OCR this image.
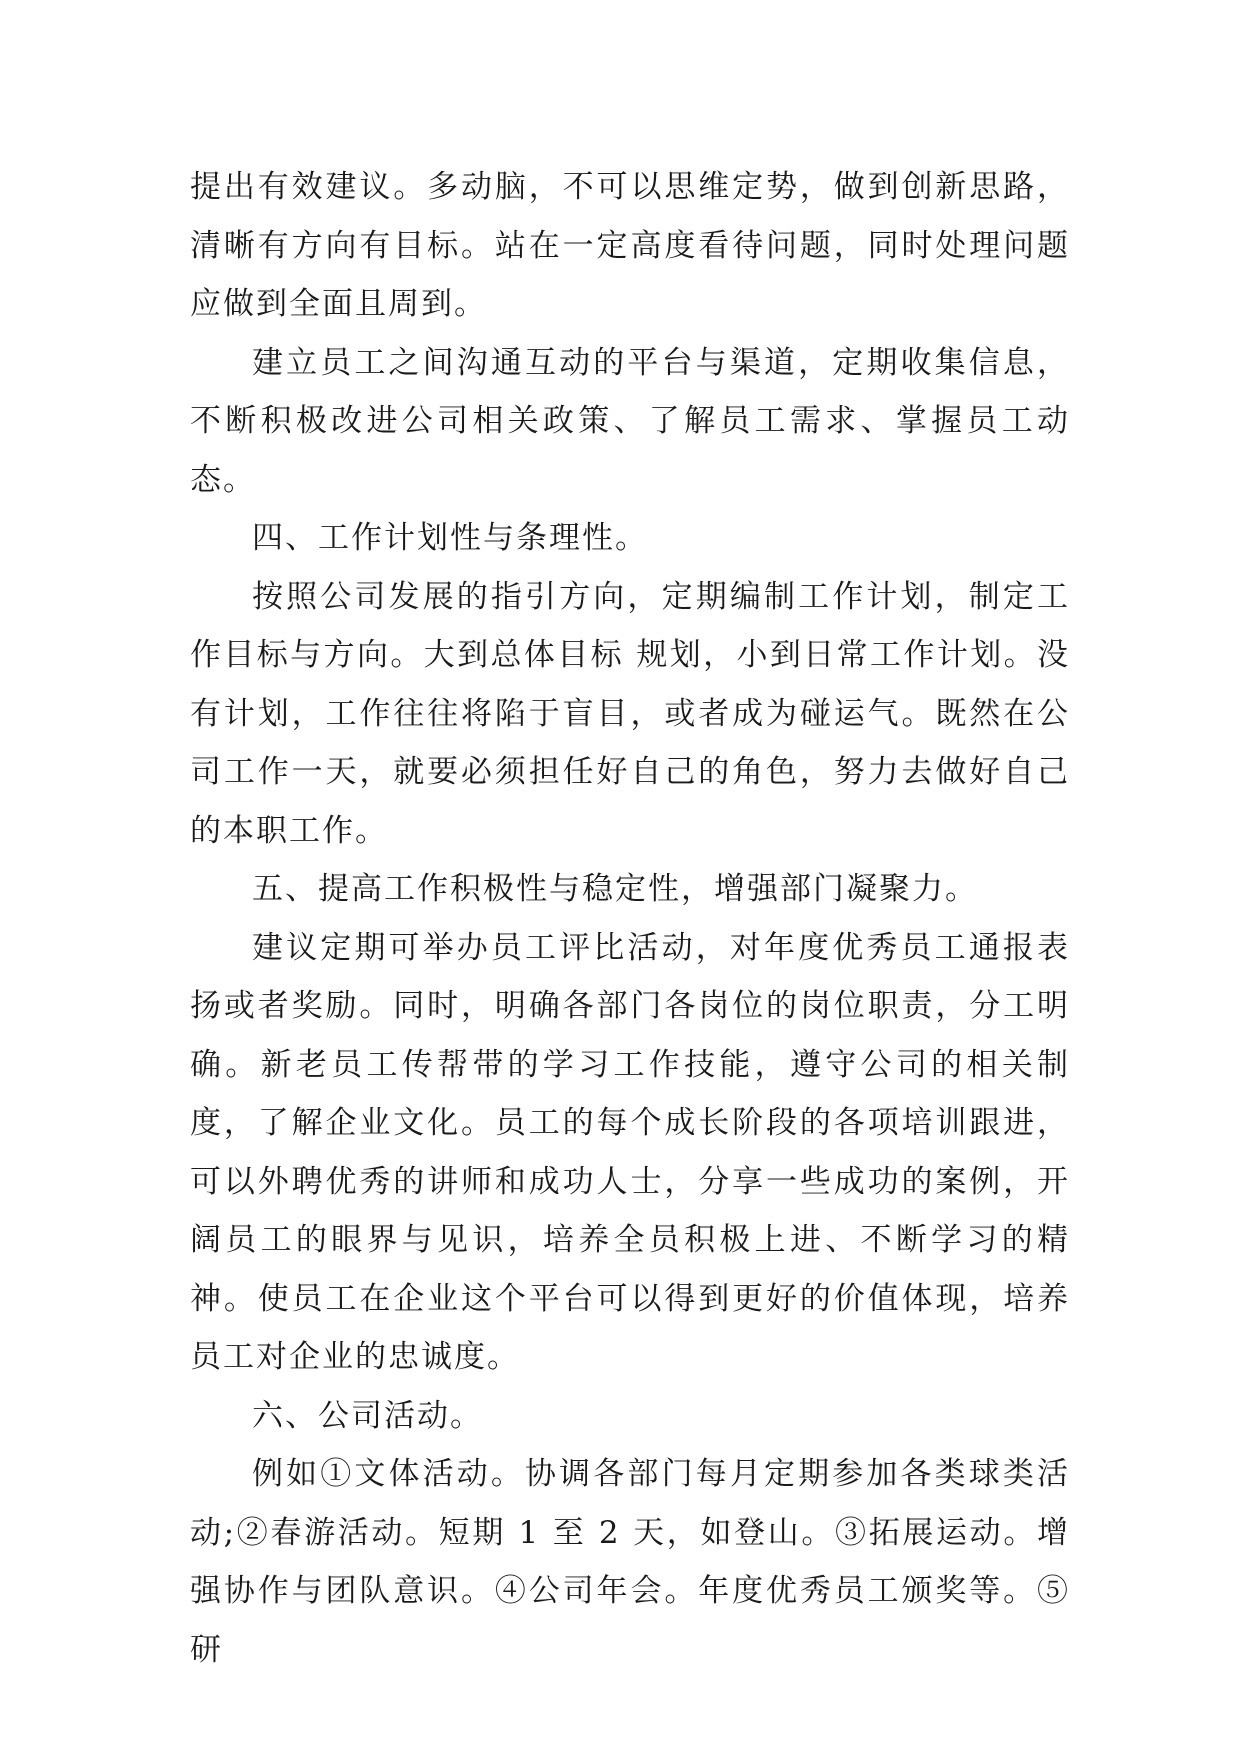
提出有效建议。多动脑，不可以思维定势，做到创新思路，清晰有方向有目标。站在一定高度看待问题，同时处理问题应做到全面且周到。

建立员工之间沟通互动的平台与渠道，定期收集信息，不断积极改进公司相关政策、了解员工需求、掌握员工动态。

四、工作计划性与条理性。

按照公司发展的指引方向，定期编制工作计划，制定工作目标与方向。大到总体目标 规划，小到日常工作计划。没有计划，工作往往将陷于盲目，或者成为碰运气。既然在公司工作一天，就要必须担任好自己的角色，努力去做好自己的本职工作。

五、提高工作积极性与稳定性，增强部门凝聚力。

建议定期可举办员工评比活动，对年度优秀员工通报表扬或者奖励。同时，明确各部门各岗位的岗位职责，分工明确。新老员工传帮带的学习工作技能，遵守公司的相关制度，了解企业文化。员工的每个成长阶段的各项培训跟进，可以外聘优秀的讲师和成功人士，分享一些成功的案例，开阔员工的眼界与见识，培养全员积极上进、不断学习的精神。使员工在企业这个平台可以得到更好的价值体现，培养员工对企业的忠诚度。

六、公司活动。

例如①文体活动。协调各部门每月定期参加各类球类活动;②春游活动。短期 1 至 2 天，如登山。③拓展运动。增强协作与团队意识。④公司年会。年度优秀员工颁奖等。⑤研
